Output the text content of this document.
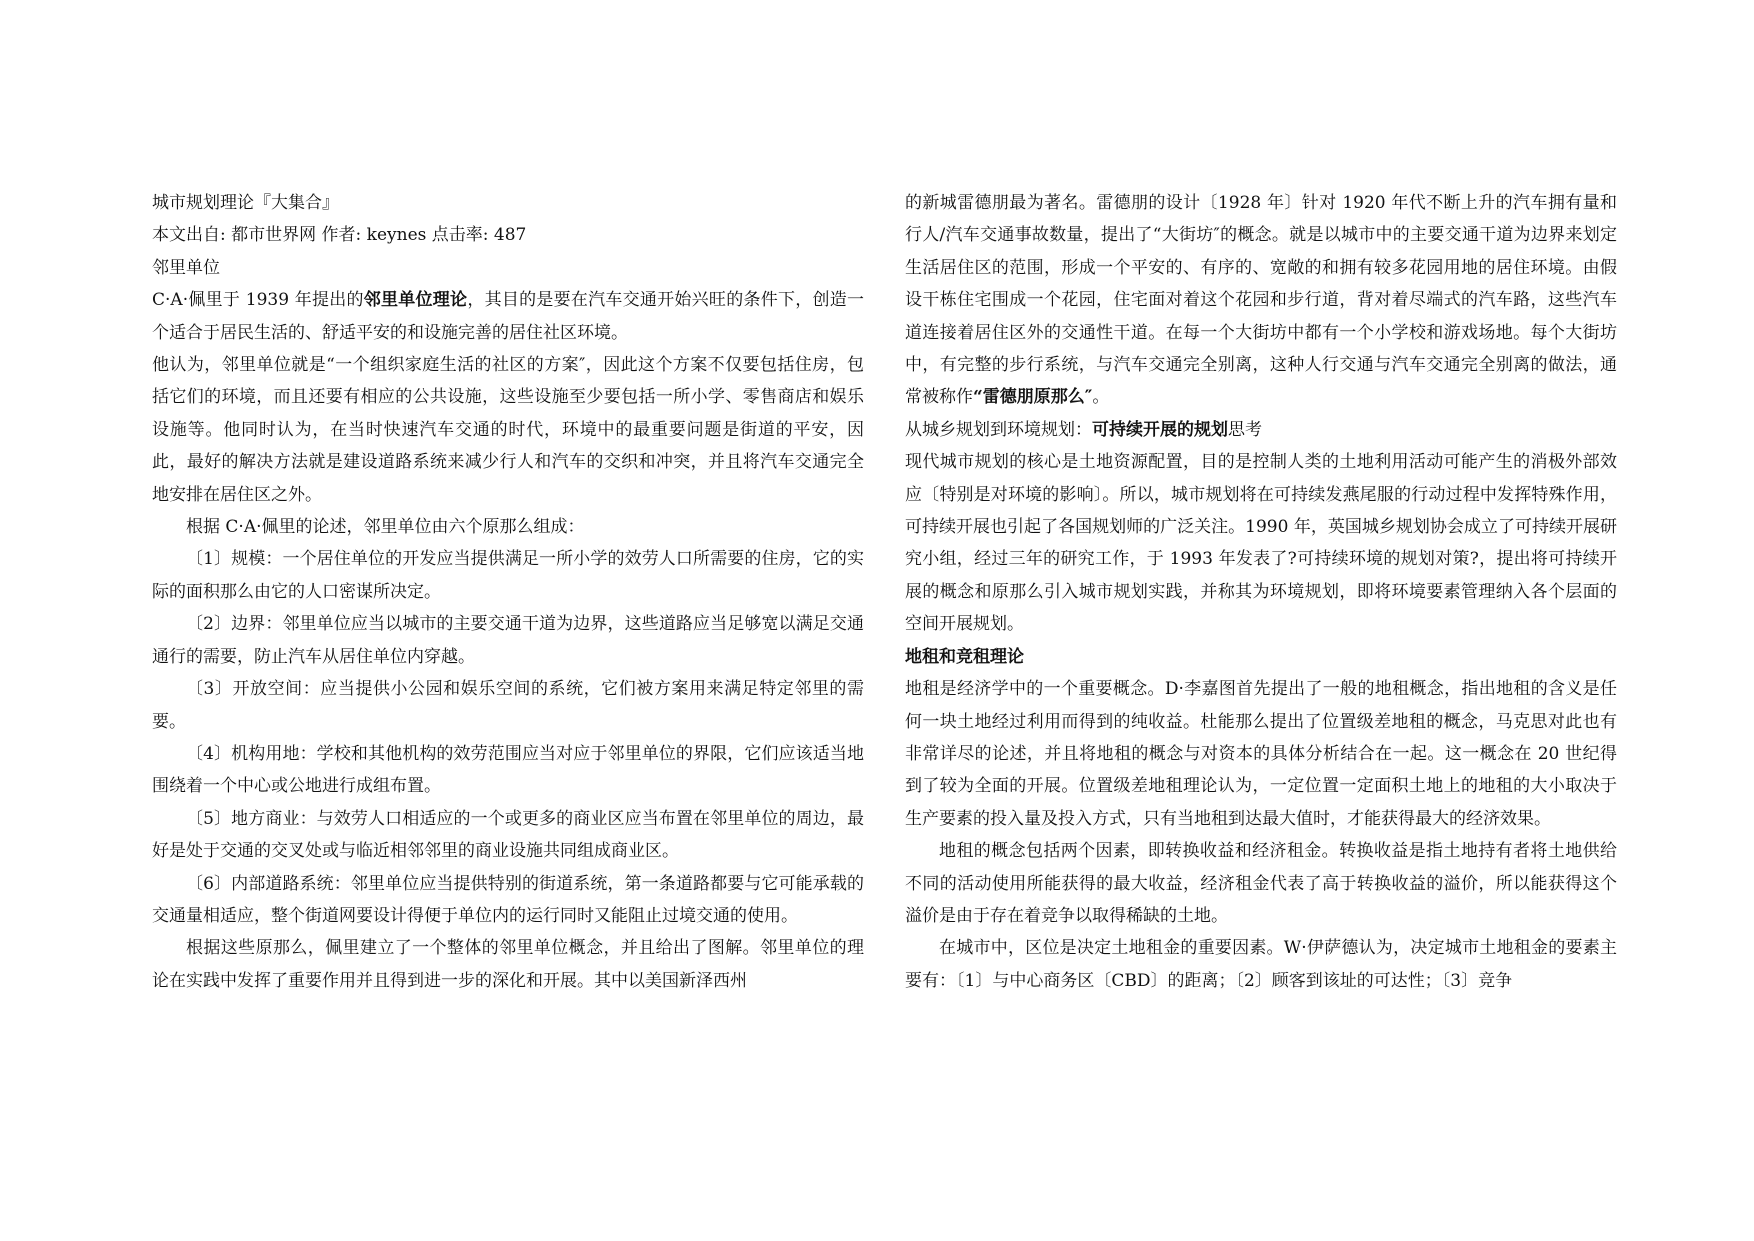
城市规划理论『大集合』

本文出自: 都市世界网 作者: keynes 点击率: 487

邻里单位

C·A·佩里于 1939 年提出的邻里单位理论，其目的是要在汽车交通开始兴旺的条件下，创造一个适合于居民生活的、舒适平安的和设施完善的居住社区环境。

他认为，邻里单位就是“一个组织家庭生活的社区的方案″，因此这个方案不仅要包括住房，包括它们的环境，而且还要有相应的公共设施，这些设施至少要包括一所小学、零售商店和娱乐设施等。他同时认为，在当时快速汽车交通的时代，环境中的最重要问题是街道的平安，因此，最好的解决方法就是建设道路系统来减少行人和汽车的交织和冲突，并且将汽车交通完全地安排在居住区之外。

根据 C·A·佩里的论述，邻里单位由六个原那么组成：

〔1〕规模：一个居住单位的开发应当提供满足一所小学的效劳人口所需要的住房，它的实际的面积那么由它的人口密谋所决定。

〔2〕边界：邻里单位应当以城市的主要交通干道为边界，这些道路应当足够宽以满足交通通行的需要，防止汽车从居住单位内穿越。

〔3〕开放空间：应当提供小公园和娱乐空间的系统，它们被方案用来满足特定邻里的需要。

〔4〕机构用地：学校和其他机构的效劳范围应当对应于邻里单位的界限，它们应该适当地围绕着一个中心或公地进行成组布置。

〔5〕地方商业：与效劳人口相适应的一个或更多的商业区应当布置在邻里单位的周边，最好是处于交通的交叉处或与临近相邻邻里的商业设施共同组成商业区。

〔6〕内部道路系统：邻里单位应当提供特别的街道系统，第一条道路都要与它可能承载的交通量相适应，整个街道网要设计得便于单位内的运行同时又能阻止过境交通的使用。

根据这些原那么，佩里建立了一个整体的邻里单位概念，并且给出了图解。邻里单位的理论在实践中发挥了重要作用并且得到进一步的深化和开展。其中以美国新泽西州

的新城雷德朋最为著名。雷德朋的设计〔1928 年〕针对 1920 年代不断上升的汽车拥有量和行人/汽车交通事故数量，提出了“大街坊″的概念。就是以城市中的主要交通干道为边界来划定生活居住区的范围，形成一个平安的、有序的、宽敞的和拥有较多花园用地的居住环境。由假设干栋住宅围成一个花园，住宅面对着这个花园和步行道，背对着尽端式的汽车路，这些汽车道连接着居住区外的交通性干道。在每一个大街坊中都有一个小学校和游戏场地。每个大街坊中，有完整的步行系统，与汽车交通完全别离，这种人行交通与汽车交通完全别离的做法，通常被称作“雷德朋原那么″。

从城乡规划到环境规划：可持续开展的规划思考

现代城市规划的核心是土地资源配置，目的是控制人类的土地利用活动可能产生的消极外部效应〔特别是对环境的影响〕。所以，城市规划将在可持续发燕尾服的行动过程中发挥特殊作用，可持续开展也引起了各国规划师的广泛关注。1990 年，英国城乡规划协会成立了可持续开展研究小组，经过三年的研究工作，于 1993 年发表了?可持续环境的规划对策?，提出将可持续开展的概念和原那么引入城市规划实践，并称其为环境规划，即将环境要素管理纳入各个层面的空间开展规划。

地租和竞租理论

地租是经济学中的一个重要概念。D·李嘉图首先提出了一般的地租概念，指出地租的含义是任何一块土地经过利用而得到的纯收益。杜能那么提出了位置级差地租的概念，马克思对此也有非常详尽的论述，并且将地租的概念与对资本的具体分析结合在一起。这一概念在 20 世纪得到了较为全面的开展。位置级差地租理论认为，一定位置一定面积土地上的地租的大小取决于生产要素的投入量及投入方式，只有当地租到达最大值时，才能获得最大的经济效果。

地租的概念包括两个因素，即转换收益和经济租金。转换收益是指土地持有者将土地供给不同的活动使用所能获得的最大收益，经济租金代表了高于转换收益的溢价，所以能获得这个溢价是由于存在着竞争以取得稀缺的土地。

在城市中，区位是决定土地租金的重要因素。W·伊萨德认为，决定城市土地租金的要素主要有：〔1〕与中心商务区〔CBD〕的距离；〔2〕顾客到该址的可达性；〔3〕竞争
